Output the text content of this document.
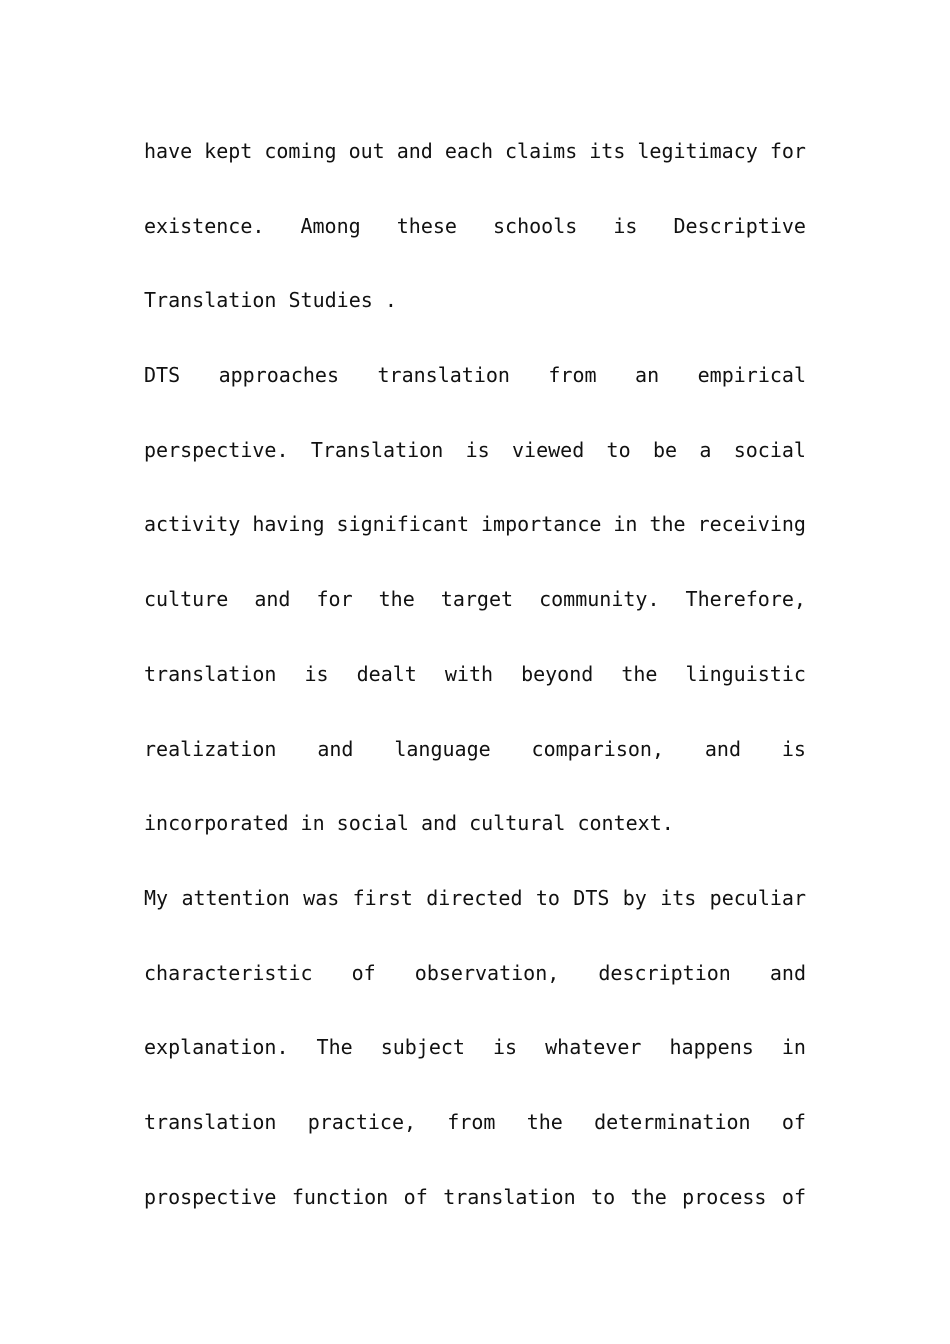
have kept coming out and each claims its legitimacy for
existence. Among these schools is Descriptive
Translation Studies .
DTS approaches translation from an empirical
perspective. Translation is viewed to be a social
activity having significant importance in the receiving
culture and for the target community. Therefore,
translation is dealt with beyond the linguistic
realization and language comparison, and is
incorporated in social and cultural context.
My attention was first directed to DTS by its peculiar
characteristic of observation, description and
explanation. The subject is whatever happens in
translation practice, from the determination of
prospective function of translation to the process of
